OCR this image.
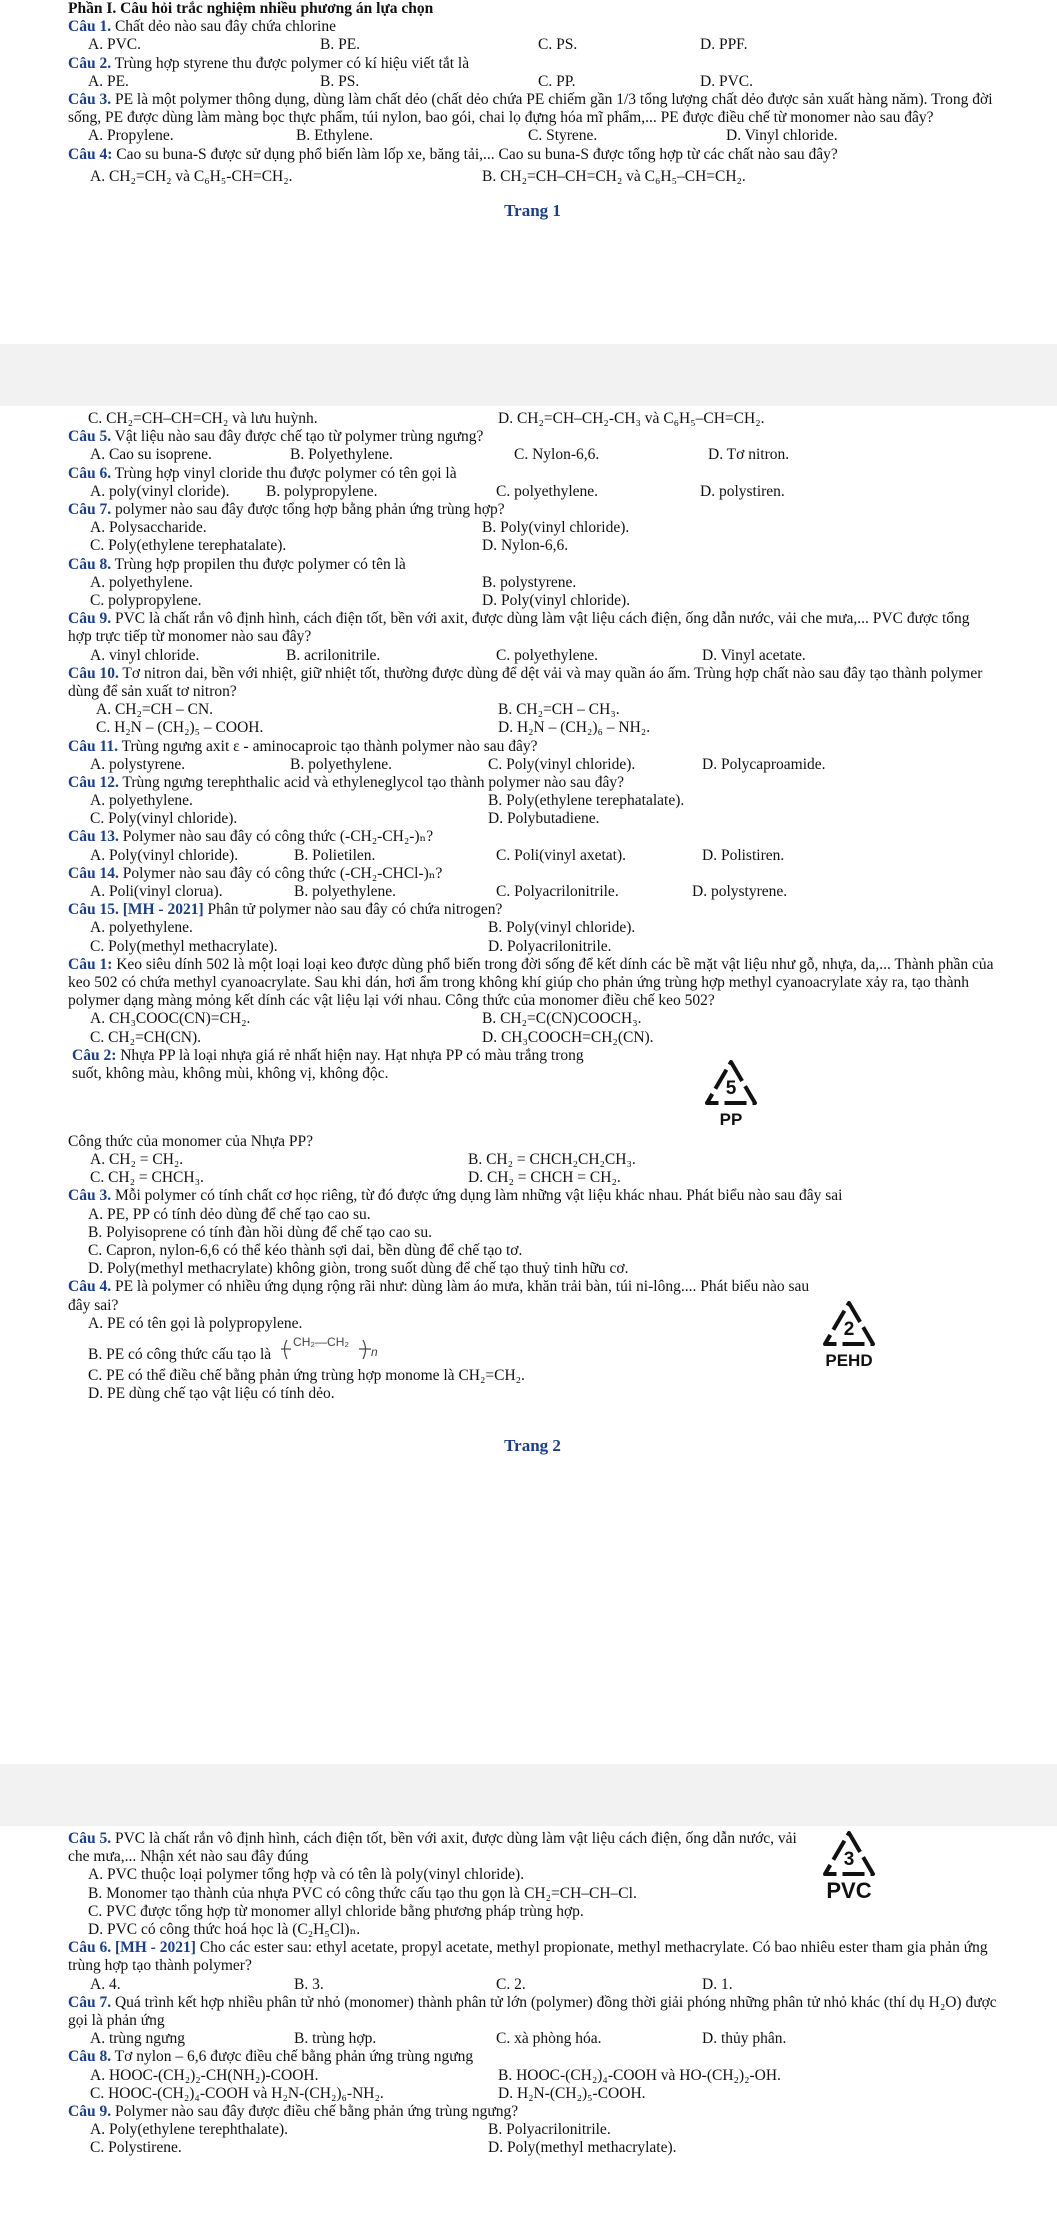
Phần I. Câu hỏi trắc nghiệm nhiều phương án lựa chọn
Câu 1. Chất dẻo nào sau đây chứa chlorine
A. PVC.	B. PE.	C. PS.	D. PPF.
Câu 2. Trùng hợp styrene thu được polymer có kí hiệu viết tắt là
A. PE.	B. PS.	C. PP.	D. PVC.
Câu 3. PE là một polymer thông dụng, dùng làm chất dẻo (chất dẻo chứa PE chiếm gần 1/3 tổng lượng chất dẻo được sản xuất hàng năm). Trong đời sống, PE được dùng làm màng bọc thực phẩm, túi nylon, bao gói, chai lọ đựng hóa mĩ phẩm,... PE được điều chế từ monomer nào sau đây?
A. Propylene.	B. Ethylene.	C. Styrene.	D. Vinyl chloride.
Câu 4: Cao su buna-S được sử dụng phổ biến làm lốp xe, băng tải,... Cao su buna-S được tổng hợp từ các chất nào sau đây?
A. CH₂=CH₂ và C₆H₅-CH=CH₂.	B. CH₂=CH–CH=CH₂ và C₆H₅–CH=CH₂.
Trang 1
C. CH₂=CH–CH=CH₂ và lưu huỳnh.	D. CH₂=CH–CH₂-CH₃ và C₆H₅–CH=CH₂.
Câu 5. Vật liệu nào sau đây được chế tạo từ polymer trùng ngưng?
A. Cao su isoprene.	B. Polyethylene.	C. Nylon-6,6.	D. Tơ nitron.
Câu 6. Trùng hợp vinyl cloride thu được polymer có tên gọi là
A. poly(vinyl cloride). B. polypropylene.	C. polyethylene.	D. polystiren.
Câu 7. polymer nào sau đây được tổng hợp bằng phản ứng trùng hợp?
A. Polysaccharide.	B. Poly(vinyl chloride).
C. Poly(ethylene terephatalate).	D. Nylon-6,6.
Câu 8. Trùng hợp propilen thu được polymer có tên là
A. polyethylene.	B. polystyrene.
C. polypropylene.	D. Poly(vinyl chloride).
Câu 9. PVC là chất rắn vô định hình, cách điện tốt, bền với axit, được dùng làm vật liệu cách điện, ống dẫn nước, vải che mưa,... PVC được tổng hợp trực tiếp từ monomer nào sau đây?
A. vinyl chloride.	B. acrilonitrile.	C. polyethylene.	D. Vinyl acetate.
Câu 10. Tơ nitron dai, bền với nhiệt, giữ nhiệt tốt, thường được dùng để dệt vải và may quần áo ấm. Trùng hợp chất nào sau đây tạo thành polymer dùng để sản xuất tơ nitron?
A. CH₂=CH – CN.	B. CH₂=CH – CH₃.
C. H₂N – (CH₂)₅ – COOH.	D. H₂N – (CH₂)₆ – NH₂.
Câu 11. Trùng ngưng axit ε - aminocaproic tạo thành polymer nào sau đây?
A. polystyrene.	B. polyethylene.	C. Poly(vinyl chloride).	D. Polycaproamide.
Câu 12. Trùng ngưng terephthalic acid và ethyleneglycol tạo thành polymer nào sau đây?
A. polyethylene.	B. Poly(ethylene terephatalate).
C. Poly(vinyl chloride).	D. Polybutadiene.
Câu 13. Polymer nào sau đây có công thức (-CH₂-CH₂-)ₙ?
A. Poly(vinyl chloride).	B. Polietilen.	C. Poli(vinyl axetat).	D. Polistiren.
Câu 14. Polymer nào sau đây có công thức (-CH₂-CHCl-)ₙ?
A. Poli(vinyl clorua).	B. polyethylene.	C. Polyacrilonitrile.	D. polystyrene.
Câu 15. [MH - 2021] Phân tử polymer nào sau đây có chứa nitrogen?
A. polyethylene.	B. Poly(vinyl chloride).
C. Poly(methyl methacrylate).	D. Polyacrilonitrile.
Câu 1: Keo siêu dính 502 là một loại loại keo được dùng phổ biến trong đời sống để kết dính các bề mặt vật liệu như gỗ, nhựa, da,... Thành phần của keo 502 có chứa methyl cyanoacrylate. Sau khi dán, hơi ẩm trong không khí giúp cho phản ứng trùng hợp methyl cyanoacrylate xảy ra, tạo thành polymer dạng màng mỏng kết dính các vật liệu lại với nhau. Công thức của monomer điều chế keo 502?
A. CH₃COOC(CN)=CH₂.	B. CH₂=C(CN)COOCH₃.
C. CH₂=CH(CN).	D. CH₃COOCH=CH₂(CN).
Câu 2: Nhựa PP là loại nhựa giá rẻ nhất hiện nay. Hạt nhựa PP có màu trắng trong suốt, không màu, không mùi, không vị, không độc.
5
PP
Công thức của monomer của Nhựa PP?
A. CH₂ = CH₂.	B. CH₂ = CHCH₂CH₂CH₃.
C. CH₂ = CHCH₃.	D. CH₂ = CHCH = CH₂.
Câu 3. Mỗi polymer có tính chất cơ học riêng, từ đó được ứng dụng làm những vật liệu khác nhau. Phát biểu nào sau đây sai
A. PE, PP có tính dẻo dùng để chế tạo cao su.
B. Polyisoprene có tính đàn hồi dùng để chế tạo cao su.
C. Capron, nylon-6,6 có thể kéo thành sợi dai, bền dùng để chế tạo tơ.
D. Poly(methyl methacrylate) không giòn, trong suốt dùng để chế tạo thuỷ tinh hữu cơ.
Câu 4. PE là polymer có nhiều ứng dụng rộng rãi như: dùng làm áo mưa, khăn trải bàn, túi ni-lông.... Phát biểu nào sau đây sai?
A. PE có tên gọi là polypropylene.
B. PE có công thức cấu tạo là
CH₂—CH₂
n
C. PE có thể điều chế bằng phản ứng trùng hợp monome là CH₂=CH₂.
D. PE dùng chế tạo vật liệu có tính dẻo.
2
PEHD
Trang 2
Câu 5. PVC là chất rắn vô định hình, cách điện tốt, bền với axit, được dùng làm vật liệu cách điện, ống dẫn nước, vải che mưa,... Nhận xét nào sau đây đúng
A. PVC thuộc loại polymer tổng hợp và có tên là poly(vinyl chloride).
B. Monomer tạo thành của nhựa PVC có công thức cấu tạo thu gọn là CH₂=CH–CH–Cl.
C. PVC được tổng hợp từ monomer allyl chloride bằng phương pháp trùng hợp.
D. PVC có công thức hoá học là (C₂H₅Cl)ₙ.
3
PVC
Câu 6. [MH - 2021] Cho các ester sau: ethyl acetate, propyl acetate, methyl propionate, methyl methacrylate. Có bao nhiêu ester tham gia phản ứng trùng hợp tạo thành polymer?
A. 4.	B. 3.	C. 2.	D. 1.
Câu 7. Quá trình kết hợp nhiều phân tử nhỏ (monomer) thành phân tử lớn (polymer) đồng thời giải phóng những phân tử nhỏ khác (thí dụ H₂O) được gọi là phản ứng
A. trùng ngưng	B. trùng hợp.	C. xà phòng hóa.	D. thủy phân.
Câu 8. Tơ nylon – 6,6 được điều chế bằng phản ứng trùng ngưng
A. HOOC-(CH₂)₂-CH(NH₂)-COOH.	B. HOOC-(CH₂)₄-COOH và HO-(CH₂)₂-OH.
C. HOOC-(CH₂)₄-COOH và H₂N-(CH₂)₆-NH₂.	D. H₂N-(CH₂)₅-COOH.
Câu 9. Polymer nào sau đây được điều chế bằng phản ứng trùng ngưng?
A. Poly(ethylene terephthalate).	B. Polyacrilonitrile.
C. Polystirene.	D. Poly(methyl methacrylate).
